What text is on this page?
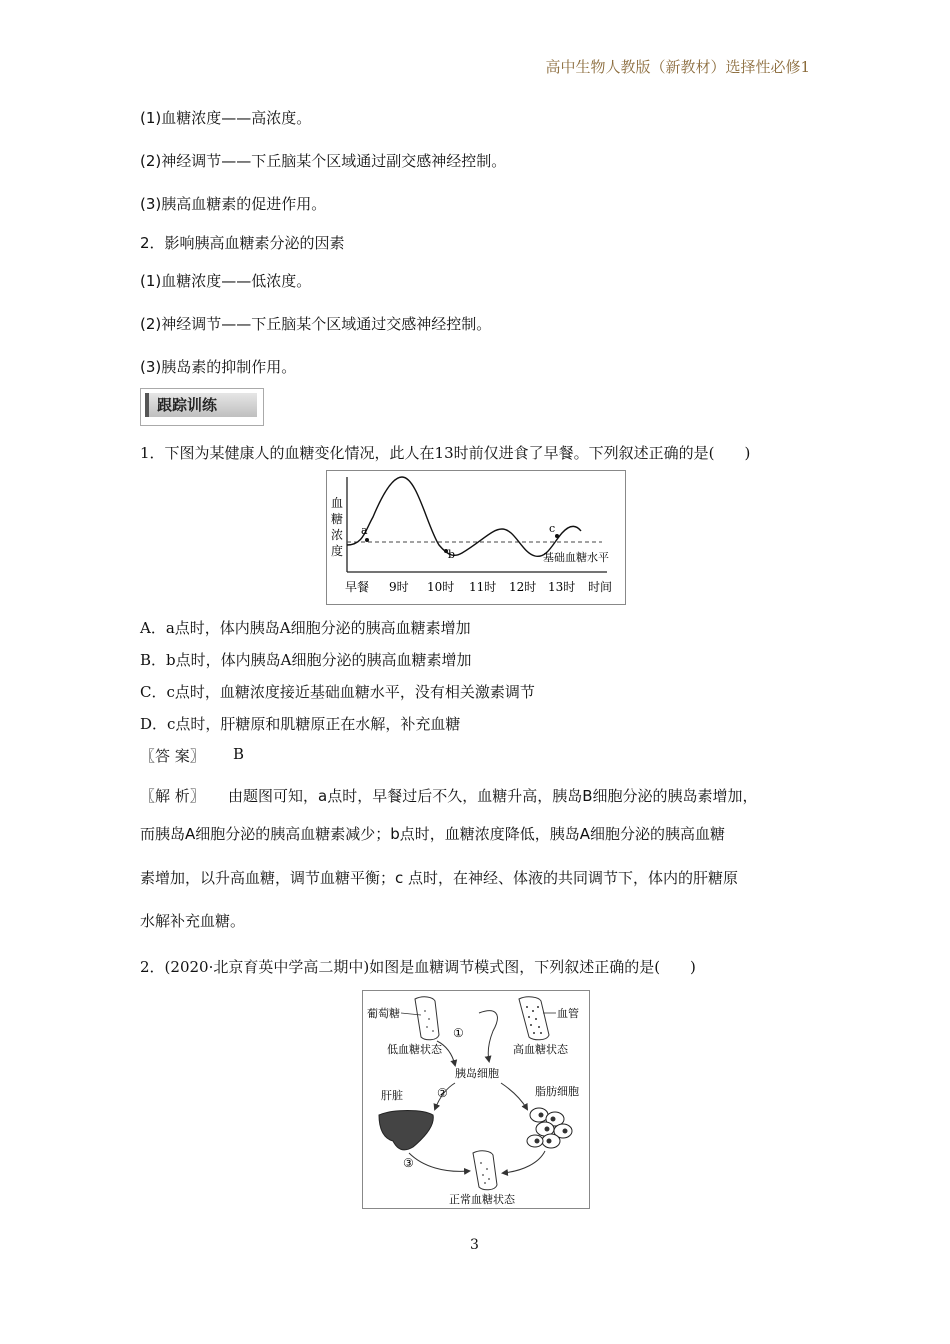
高中生物人教版（新教材）选择性必修1
(1)血糖浓度——高浓度。
(2)神经调节——下丘脑某个区域通过副交感神经控制。
(3)胰高血糖素的促进作用。
2．影响胰高血糖素分泌的因素
(1)血糖浓度——低浓度。
(2)神经调节——下丘脑某个区域通过交感神经控制。
(3)胰岛素的抑制作用。
跟踪训练
1．下图为某健康人的血糖变化情况，此人在13时前仅进食了早餐。下列叙述正确的是(　　)
血
糖
浓
度
a
b
c
基础血糖水平
早餐 9时 10时 11时 12时 13时 时间
A．a点时，体内胰岛A细胞分泌的胰高血糖素增加
B．b点时，体内胰岛A细胞分泌的胰高血糖素增加
C．c点时，血糖浓度接近基础血糖水平，没有相关激素调节
D．c点时，肝糖原和肌糖原正在水解，补充血糖
〖答 案〗 B
〖解 析〗 由题图可知，a点时，早餐过后不久，血糖升高，胰岛B细胞分泌的胰岛素增加，
而胰岛A细胞分泌的胰高血糖素减少；b点时，血糖浓度降低，胰岛A细胞分泌的胰高血糖
素增加，以升高血糖，调节血糖平衡；c 点时，在神经、体液的共同调节下，体内的肝糖原
水解补充血糖。
2．(2020·北京育英中学高二期中)如图是血糖调节模式图，下列叙述正确的是(　　)
葡萄糖	血管
①
低血糖状态	高血糖状态
胰岛细胞
②
肝脏	脂肪细胞
③
正常血糖状态
3
